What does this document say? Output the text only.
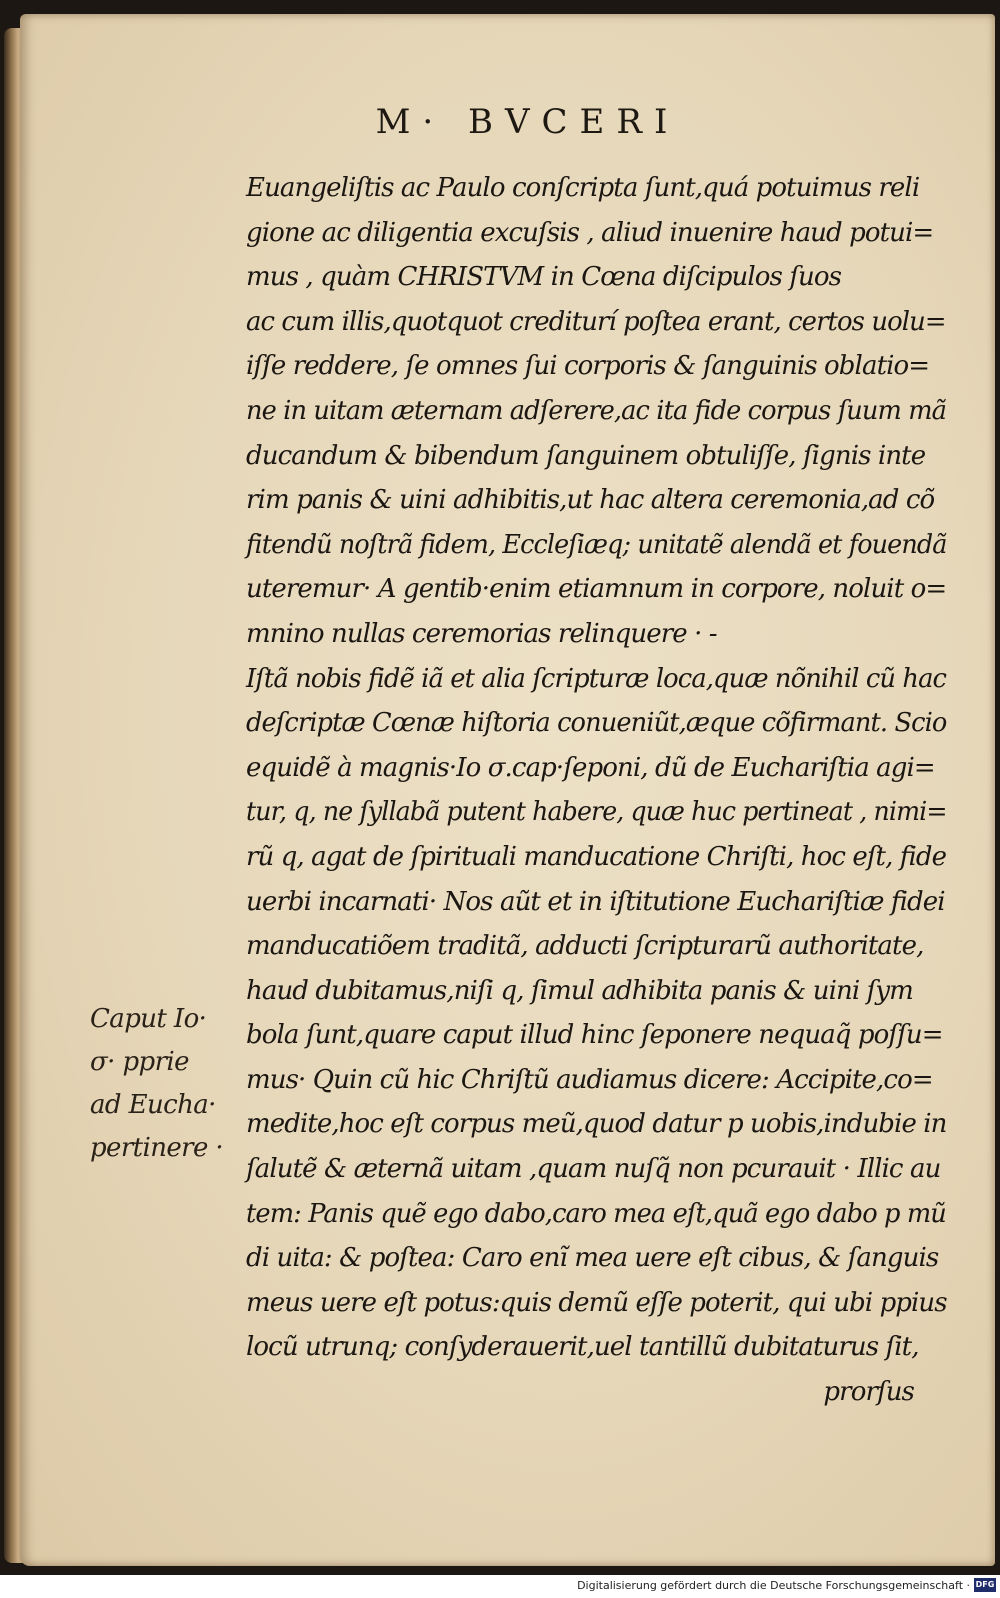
M· BVCERI
Euangeliſtis ac Paulo conſcripta ſunt,quá potuimus reli
gione ac diligentia excuſsis , aliud inuenire haud potui=
mus , quàm CHRISTVM in Cœna diſcipulos ſuos
ac cum illis,quotquot crediturí poſtea erant, certos uolu=
iſſe reddere, ſe omnes ſui corporis & ſanguinis oblatio=
ne in uitam æternam adſerere,ac ita fide corpus ſuum mã
ducandum & bibendum ſanguinem obtuliſſe, ſignis inte
rim panis & uini adhibitis,ut hac altera ceremonia,ad cõ
fitendũ noſtrã fidem, Eccleſiæq; unitatẽ alendã et fouendã
uteremur· A gentib·enim etiamnum in corpore, noluit o=
mnino nullas ceremorias relinquere · -
Iſtã nobis fidẽ iã et alia ſcripturæ loca,quæ nõnihil cũ hac
deſcriptæ Cœnæ hiſtoria conueniũt,æque cõfirmant. Scio
equidẽ à magnis·Io σ.cap·ſeponi, dũ de Euchariſtia agi=
tur, q, ne ſyllabã putent habere, quæ huc pertineat , nimi=
rũ q, agat de ſpirituali manducatione Chriſti, hoc eſt, fide
uerbi incarnati· Nos aũt et in iſtitutione Euchariſtiæ fidei
manducatiõem traditã, adducti ſcripturarũ authoritate,
haud dubitamus,niſi q, ſimul adhibita panis & uini ſym
bola ſunt,quare caput illud hinc ſeponere nequaq̃ poſſu=
mus· Quin cũ hic Chriſtũ audiamus dicere: Accipite,co=
medite,hoc eſt corpus meũ,quod datur p uobis,indubie in
ſalutẽ & æternã uitam ,quam nuſq̃ non pcurauit · Illic au
tem: Panis quẽ ego dabo,caro mea eſt,quã ego dabo p mũ
di uita: & poſtea: Caro enĩ mea uere eſt cibus, & ſanguis
meus uere eſt potus:quis demũ eſſe poterit, qui ubi ppius
locũ utrunq; conſyderauerit,uel tantillũ dubitaturus ſit,
prorſus
Caput Io·
σ· pprie
ad Eucha·
pertinere ·
Digitalisierung gefördert durch die Deutsche Forschungsgemeinschaft · DFG
